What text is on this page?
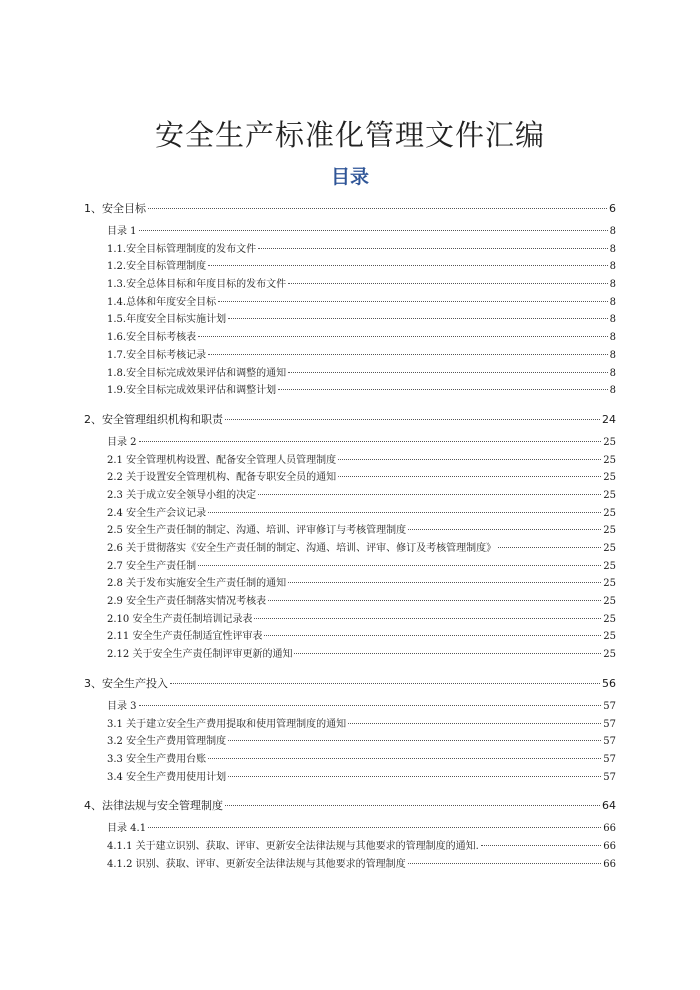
安全生产标准化管理文件汇编
目录
1、安全目标	6
目录 1	8
1.1.安全目标管理制度的发布文件	8
1.2.安全目标管理制度	8
1.3.安全总体目标和年度目标的发布文件	8
1.4.总体和年度安全目标	8
1.5.年度安全目标实施计划	8
1.6.安全目标考核表	8
1.7.安全目标考核记录	8
1.8.安全目标完成效果评估和调整的通知	8
1.9.安全目标完成效果评估和调整计划	8
2、安全管理组织机构和职责	24
目录 2	25
2.1 安全管理机构设置、配备安全管理人员管理制度	25
2.2 关于设置安全管理机构、配备专职安全员的通知	25
2.3 关于成立安全领导小组的决定	25
2.4 安全生产会议记录	25
2.5 安全生产责任制的制定、沟通、培训、评审修订与考核管理制度	25
2.6 关于贯彻落实《安全生产责任制的制定、沟通、培训、评审、修订及考核管理制度》	25
2.7 安全生产责任制	25
2.8 关于发布实施安全生产责任制的通知	25
2.9 安全生产责任制落实情况考核表	25
2.10 安全生产责任制培训记录表	25
2.11 安全生产责任制适宜性评审表	25
2.12 关于安全生产责任制评审更新的通知	25
3、安全生产投入	56
目录 3	57
3.1 关于建立安全生产费用提取和使用管理制度的通知	57
3.2 安全生产费用管理制度	57
3.3 安全生产费用台账	57
3.4 安全生产费用使用计划	57
4、法律法规与安全管理制度	64
目录 4.1	66
4.1.1 关于建立识别、获取、评审、更新安全法律法规与其他要求的管理制度的通知.	66
4.1.2 识别、获取、评审、更新安全法律法规与其他要求的管理制度	66
